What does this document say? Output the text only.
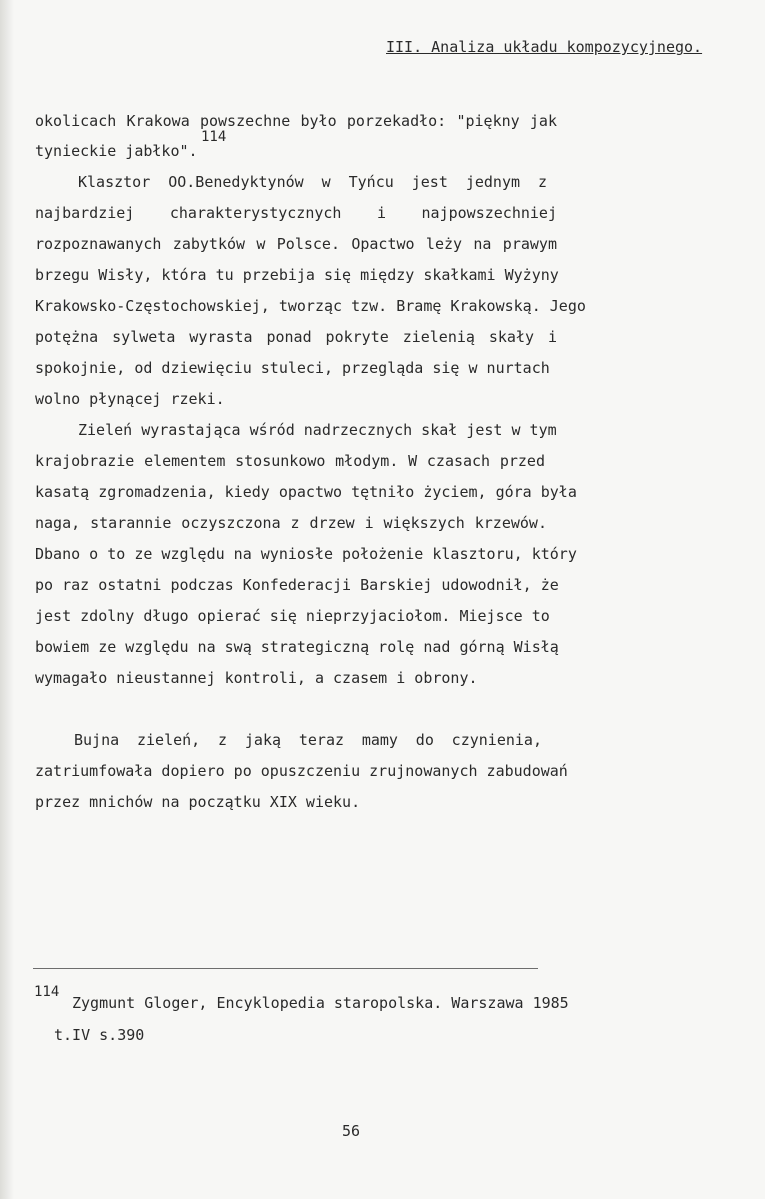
III. Analiza układu kompozycyjnego.
okolicach Krakowa powszechne było porzekadło: "piękny jak
tynieckie jabłko".
114
Klasztor OO.Benedyktynów w Tyńcu jest jednym z
najbardziej charakterystycznych i najpowszechniej
rozpoznawanych zabytków w Polsce. Opactwo leży na prawym
brzegu Wisły, która tu przebija się między skałkami Wyżyny
Krakowsko-Częstochowskiej, tworząc tzw. Bramę Krakowską. Jego
potężna sylweta wyrasta ponad pokryte zielenią skały i
spokojnie, od dziewięciu stuleci, przegląda się w nurtach
wolno płynącej rzeki.
Zieleń wyrastająca wśród nadrzecznych skał jest w tym
krajobrazie elementem stosunkowo młodym. W czasach przed
kasatą zgromadzenia, kiedy opactwo tętniło życiem, góra była
naga, starannie oczyszczona z drzew i większych krzewów.
Dbano o to ze względu na wyniosłe położenie klasztoru, który
po raz ostatni podczas Konfederacji Barskiej udowodnił, że
jest zdolny długo opierać się nieprzyjaciołom. Miejsce to
bowiem ze względu na swą strategiczną rolę nad górną Wisłą
wymagało nieustannej kontroli, a czasem i obrony.
Bujna zieleń, z jaką teraz mamy do czynienia,
zatriumfowała dopiero po opuszczeniu zrujnowanych zabudowań
przez mnichów na początku XIX wieku.
114
Zygmunt Gloger, Encyklopedia staropolska. Warszawa 1985
t.IV s.390
56
